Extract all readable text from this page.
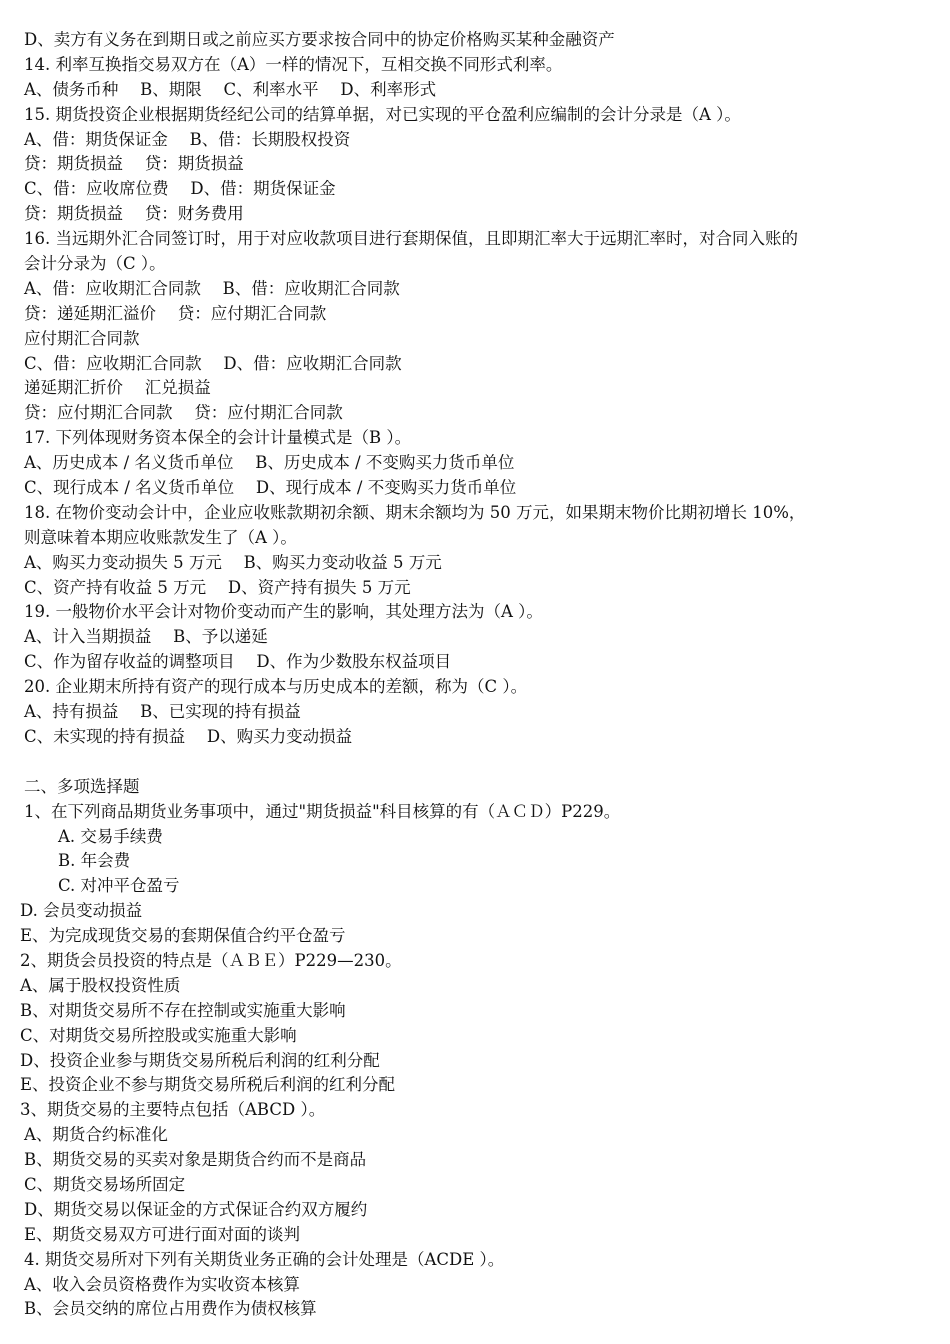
D、卖方有义务在到期日或之前应买方要求按合同中的协定价格购买某种金融资产
14. 利率互换指交易双方在（A）一样的情况下，互相交换不同形式利率。
A、债务币种　 B、期限　 C、利率水平　 D、利率形式
15. 期货投资企业根据期货经纪公司的结算单据，对已实现的平仓盈利应编制的会计分录是（A ）。
A、借：期货保证金　 B、借：长期股权投资
贷：期货损益　 贷：期货损益
C、借：应收席位费　 D、借：期货保证金
贷：期货损益　 贷：财务费用
16. 当远期外汇合同签订时，用于对应收款项目进行套期保值，且即期汇率大于远期汇率时，对合同入账的
会计分录为（C ）。
A、借：应收期汇合同款　 B、借：应收期汇合同款
贷：递延期汇溢价　 贷：应付期汇合同款
应付期汇合同款
C、借：应收期汇合同款　 D、借：应收期汇合同款
递延期汇折价　 汇兑损益
贷：应付期汇合同款　 贷：应付期汇合同款
17. 下列体现财务资本保全的会计计量模式是（B ）。
A、历史成本 / 名义货币单位　 B、历史成本 / 不变购买力货币单位
C、现行成本 / 名义货币单位　 D、现行成本 / 不变购买力货币单位
18. 在物价变动会计中，企业应收账款期初余额、期末余额均为 50 万元，如果期末物价比期初增长 10%，
则意味着本期应收账款发生了（A ）。
A、购买力变动损失 5 万元　 B、购买力变动收益 5 万元
C、资产持有收益 5 万元　 D、资产持有损失 5 万元
19. 一般物价水平会计对物价变动而产生的影响，其处理方法为（A ）。
A、计入当期损益　 B、予以递延
C、作为留存收益的调整项目　 D、作为少数股东权益项目
20. 企业期末所持有资产的现行成本与历史成本的差额，称为（C ）。
A、持有损益　 B、已实现的持有损益
C、未实现的持有损益　 D、购买力变动损益
二、多项选择题
1、在下列商品期货业务事项中，通过"期货损益"科目核算的有（ＡＣＤ）P229。
A. 交易手续费
B. 年会费
C. 对冲平仓盈亏
D. 会员变动损益
E、为完成现货交易的套期保值合约平仓盈亏
2、期货会员投资的特点是（ＡＢＥ）P229—230。
A、属于股权投资性质
B、对期货交易所不存在控制或实施重大影响
C、对期货交易所控股或实施重大影响
D、投资企业参与期货交易所税后利润的红利分配
E、投资企业不参与期货交易所税后利润的红利分配
3、期货交易的主要特点包括（ABCD ）。
A、期货合约标准化
B、期货交易的买卖对象是期货合约而不是商品
C、期货交易场所固定
D、期货交易以保证金的方式保证合约双方履约
E、期货交易双方可进行面对面的谈判
4. 期货交易所对下列有关期货业务正确的会计处理是（ACDE ）。
A、收入会员资格费作为实收资本核算
B、会员交纳的席位占用费作为债权核算
